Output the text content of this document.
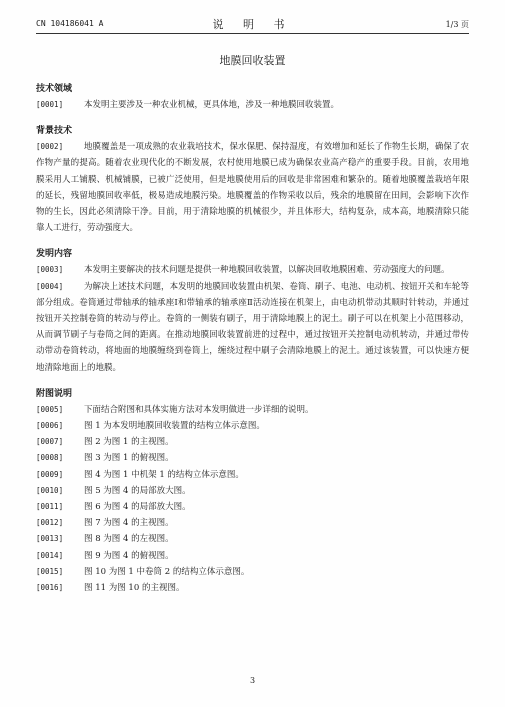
CN 104186041 A	说 明 书	1/3 页
地膜回收装置
技术领域
[0001]	本发明主要涉及一种农业机械，更具体地，涉及一种地膜回收装置。
背景技术
[0002]	地膜覆盖是一项成熟的农业栽培技术，保水保肥、保持湿度，有效增加和延长了作物生长期，确保了农作物产量的提高。随着农业现代化的不断发展，农村使用地膜已成为确保农业高产稳产的重要手段。目前，农用地膜采用人工铺膜、机械铺膜，已被广泛使用，但是地膜使用后的回收是非常困难和繁杂的。随着地膜覆盖栽培年限的延长，残留地膜回收率低，极易造成地膜污染。地膜覆盖的作物采收以后，残余的地膜留在田间，会影响下次作物的生长，因此必须清除干净。目前，用于清除地膜的机械很少，并且体形大，结构复杂，成本高，地膜清除只能靠人工进行，劳动强度大。
发明内容
[0003]	本发明主要解决的技术问题是提供一种地膜回收装置，以解决回收地膜困难、劳动强度大的问题。
[0004]	为解决上述技术问题，本发明的地膜回收装置由机架、卷筒、刷子、电池、电动机、按钮开关和车轮等部分组成。卷筒通过带轴承的轴承座Ⅰ和带轴承的轴承座Ⅱ活动连接在机架上，由电动机带动其顺时针转动，并通过按钮开关控制卷筒的转动与停止。卷筒的一侧装有刷子，用于清除地膜上的泥土。刷子可以在机架上小范围移动，从而调节刷子与卷筒之间的距离。在推动地膜回收装置前进的过程中，通过按钮开关控制电动机转动，并通过带传动带动卷筒转动，将地面的地膜缠绕到卷筒上，缠绕过程中刷子会清除地膜上的泥土。通过该装置，可以快速方便地清除地面上的地膜。
附图说明
[0005] 下面结合附图和具体实施方法对本发明做进一步详细的说明。
[0006] 图 1 为本发明地膜回收装置的结构立体示意图。
[0007] 图 2 为图 1 的主视图。
[0008] 图 3 为图 1 的俯视图。
[0009] 图 4 为图 1 中机架 1 的结构立体示意图。
[0010] 图 5 为图 4 的局部放大图。
[0011] 图 6 为图 4 的局部放大图。
[0012] 图 7 为图 4 的主视图。
[0013] 图 8 为图 4 的左视图。
[0014] 图 9 为图 4 的俯视图。
[0015] 图 10 为图 1 中卷筒 2 的结构立体示意图。
[0016] 图 11 为图 10 的主视图。
3
